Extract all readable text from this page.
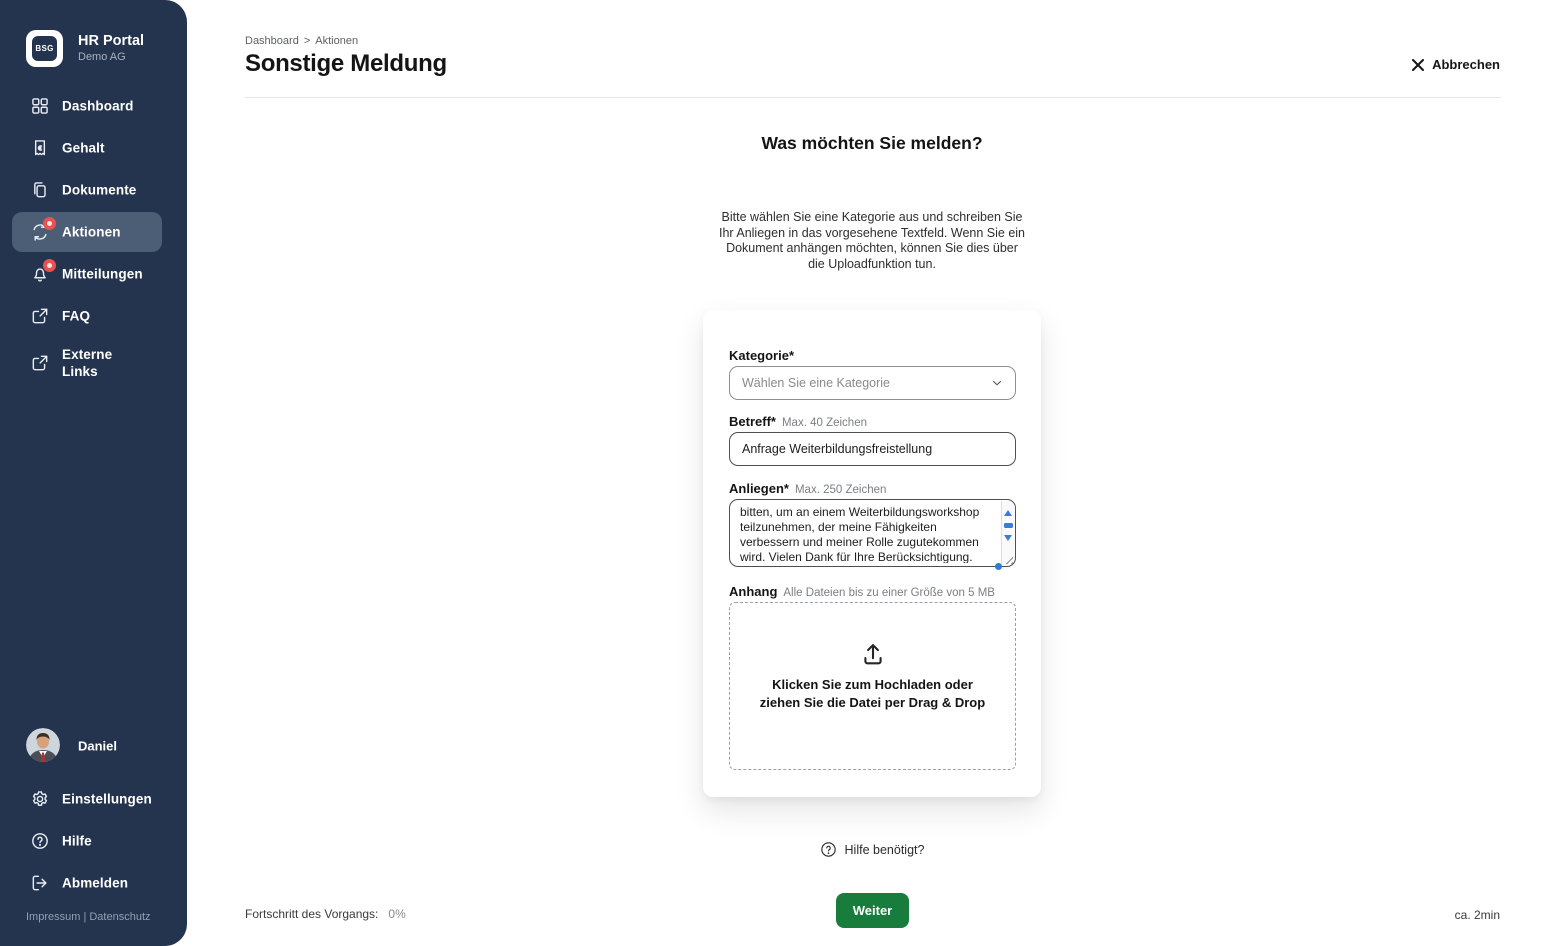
BSG HR Portal
Demo AG
Dashboard
Gehalt
Dokumente
Aktionen
Mitteilungen
FAQ
Externe Links
Daniel
Einstellungen
Hilfe
Abmelden
Impressum | Datenschutz
Dashboard > Aktionen
Sonstige Meldung	Abbrechen
Was möchten Sie melden?

Bitte wählen Sie eine Kategorie aus und schreiben Sie Ihr Anliegen in das vorgesehene Textfeld. Wenn Sie ein Dokument anhängen möchten, können Sie dies über die Uploadfunktion tun.

Kategorie*
Wählen Sie eine Kategorie
Betreff* Max. 40 Zeichen
Anfrage Weiterbildungsfreistellung
Anliegen* Max. 250 Zeichen
bitten, um an einem Weiterbildungsworkshop teilzunehmen, der meine Fähigkeiten verbessern und meiner Rolle zugutekommen wird. Vielen Dank für Ihre Berücksichtigung.
Anhang Alle Dateien bis zu einer Größe von 5 MB
Klicken Sie zum Hochladen oder
ziehen Sie die Datei per Drag & Drop
Hilfe benötigt?
Weiter
Fortschritt des Vorgangs: 0%	ca. 2min
